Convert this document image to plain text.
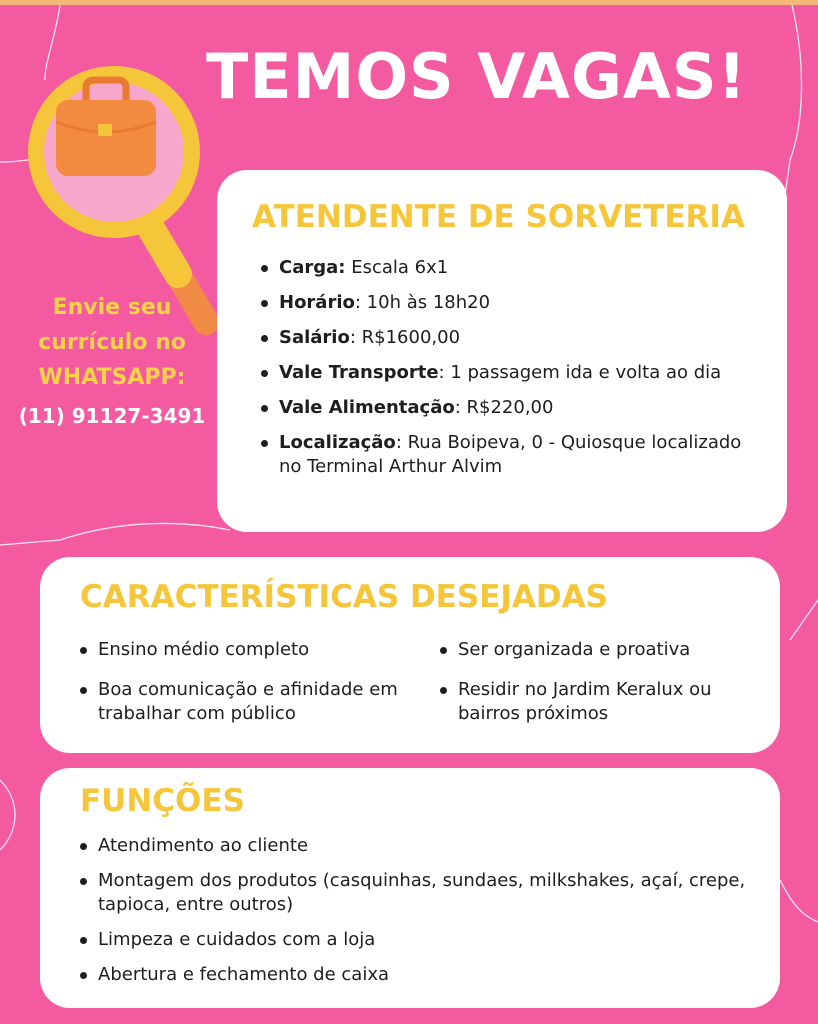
TEMOS VAGAS!
Envie seu
currículo no
WHATSAPP:
(11) 91127-3491
ATENDENTE DE SORVETERIA
Carga: Escala 6x1
Horário: 10h às 18h20
Salário: R$1600,00
Vale Transporte: 1 passagem ida e volta ao dia
Vale Alimentação: R$220,00
Localização: Rua Boipeva, 0 - Quiosque localizado no Terminal Arthur Alvim
CARACTERÍSTICAS DESEJADAS
Ensino médio completo
Boa comunicação e afinidade em trabalhar com público
Ser organizada e proativa
Residir no Jardim Keralux ou bairros próximos
FUNÇÕES
Atendimento ao cliente
Montagem dos produtos (casquinhas, sundaes, milkshakes, açaí, crepe, tapioca, entre outros)
Limpeza e cuidados com a loja
Abertura e fechamento de caixa
